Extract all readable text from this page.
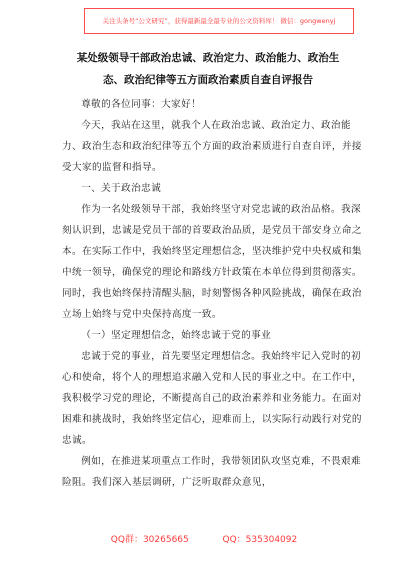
关注头条号“公文研究”，获得最新最全最专业的公文资料库！ 微信：gongwenyj
某处级领导干部政治忠诚、政治定力、政治能力、政治生
态、政治纪律等五方面政治素质自查自评报告

尊敬的各位同事：大家好！

今天，我站在这里，就我个人在政治忠诚、政治定力、政治能力、政治生态和政治纪律等五个方面的政治素质进行自查自评，并接受大家的监督和指导。

一、关于政治忠诚

作为一名处级领导干部，我始终坚守对党忠诚的政治品格。我深刻认识到，忠诚是党员干部的首要政治品质，是党员干部安身立命之本。在实际工作中，我始终坚定理想信念，坚决维护党中央权威和集中统一领导，确保党的理论和路线方针政策在本单位得到贯彻落实。同时，我也始终保持清醒头脑，时刻警惕各种风险挑战，确保在政治立场上始终与党中央保持高度一致。

（一）坚定理想信念，始终忠诚于党的事业

忠诚于党的事业，首先要坚定理想信念。我始终牢记入党时的初心和使命，将个人的理想追求融入党和人民的事业之中。在工作中，我积极学习党的理论，不断提高自己的政治素养和业务能力。在面对困难和挑战时，我始终坚定信心，迎难而上，以实际行动践行对党的忠诚。

例如，在推进某项重点工作时，我带领团队攻坚克难，不畏艰难险阻。我们深入基层调研，广泛听取群众意见，

QQ群：30265665	QQ：535304092
